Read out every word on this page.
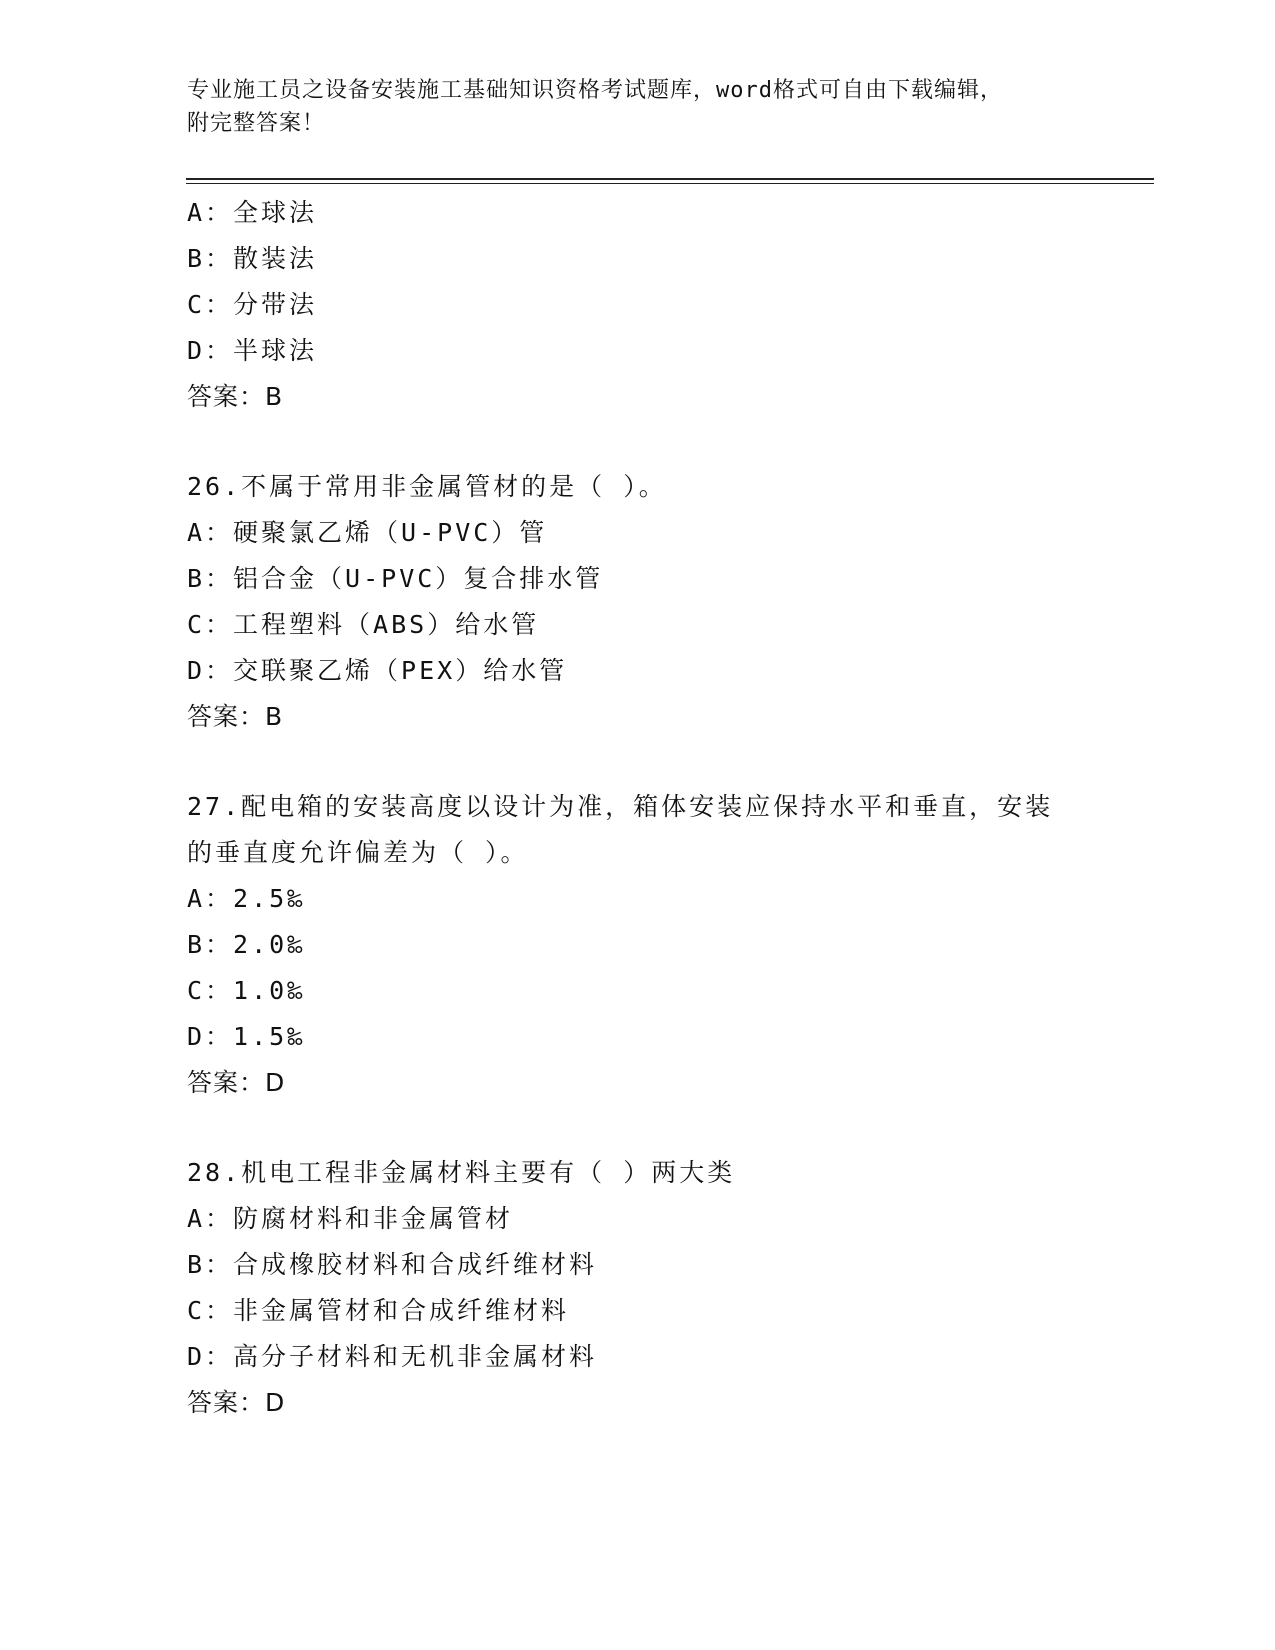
专业施工员之设备安装施工基础知识资格考试题库，word格式可自由下载编辑，
附完整答案！
A：全球法
B：散装法
C：分带法
D：半球法
答案：B
26.不属于常用非金属管材的是（ ）。
A：硬聚氯乙烯（U-PVC）管
B：铝合金（U-PVC）复合排水管
C：工程塑料（ABS）给水管
D：交联聚乙烯（PEX）给水管
答案：B
27.配电箱的安装高度以设计为准，箱体安装应保持水平和垂直，安装
的垂直度允许偏差为（ ）。
A：2.5‰
B：2.0‰
C：1.0‰
D：1.5‰
答案：D
28.机电工程非金属材料主要有（ ）两大类
A：防腐材料和非金属管材
B：合成橡胶材料和合成纤维材料
C：非金属管材和合成纤维材料
D：高分子材料和无机非金属材料
答案：D
